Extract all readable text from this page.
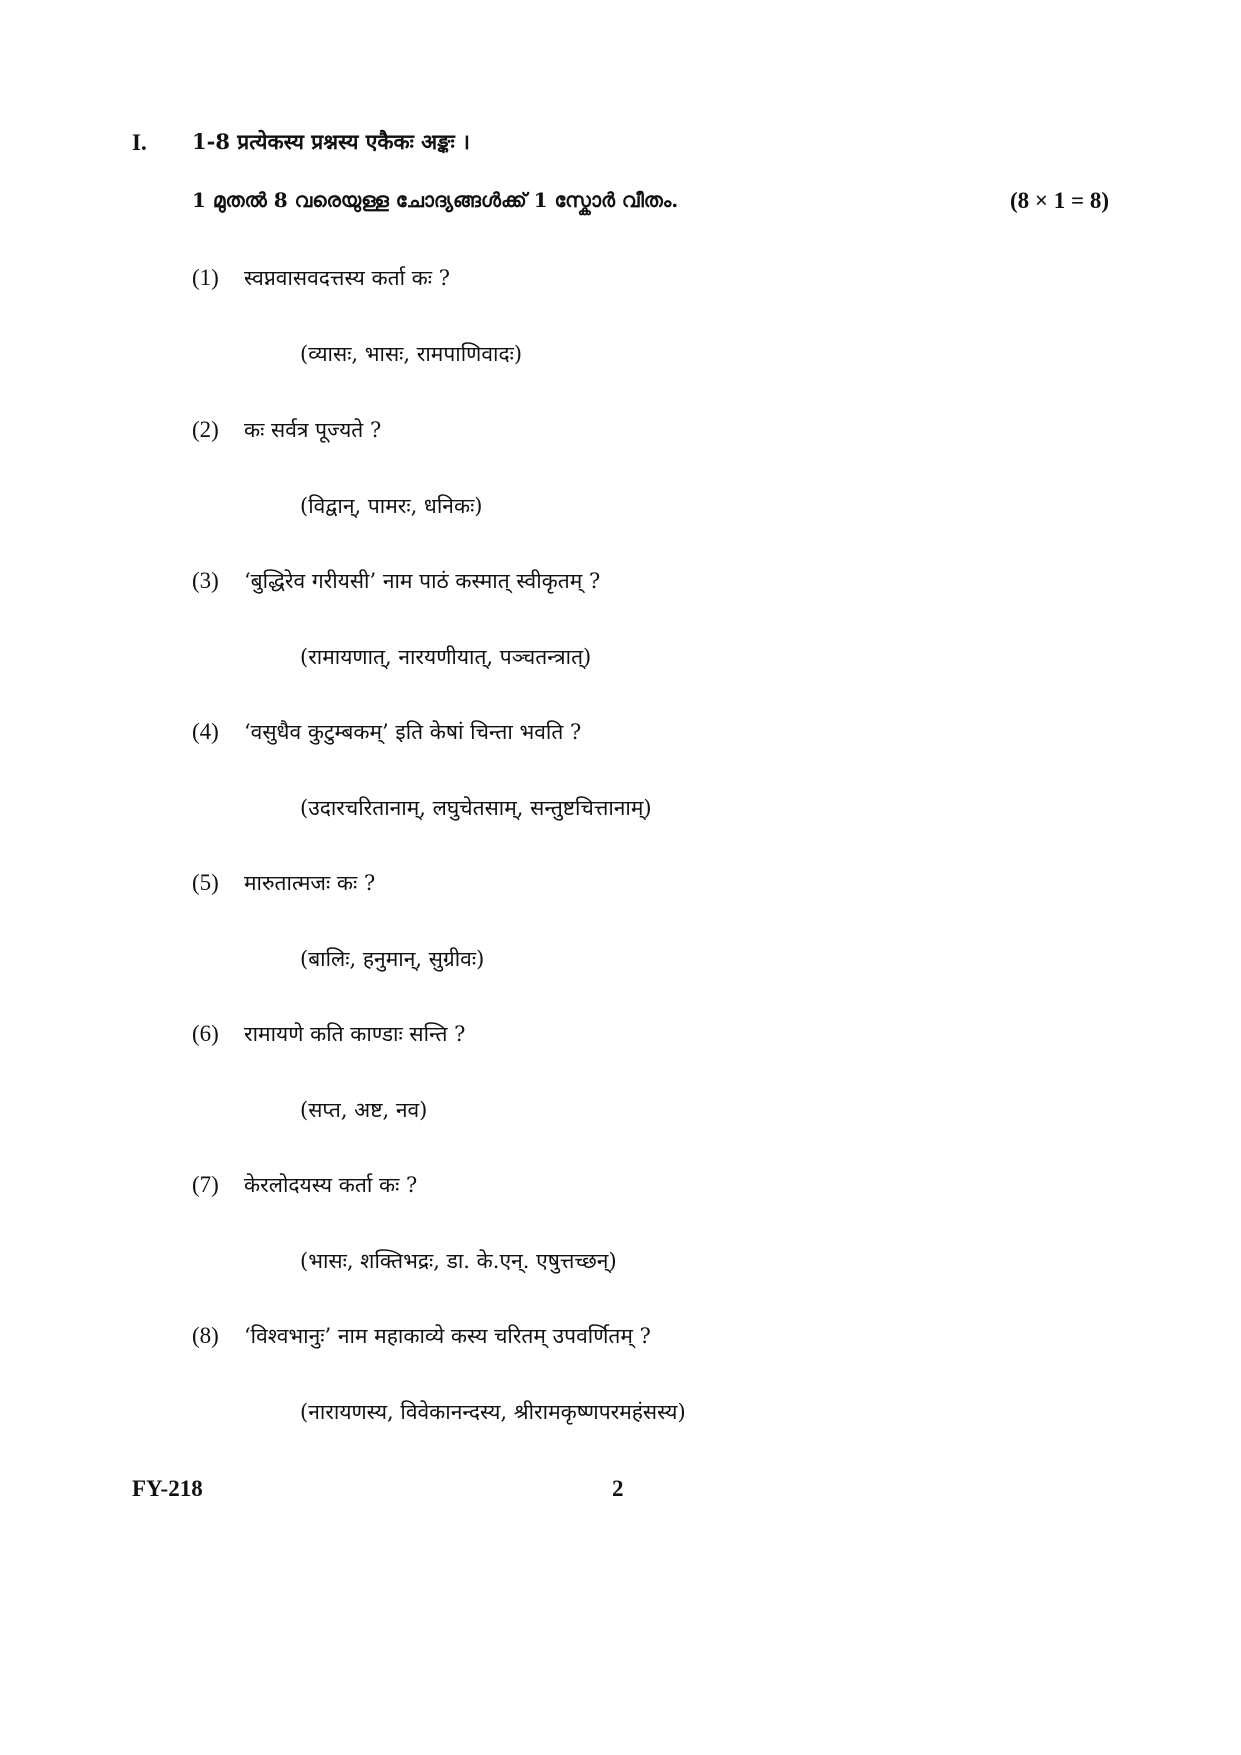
I. 1-8 प्रत्येकस्य प्रश्नस्य एकैकः अङ्कः ।
1 മുതൽ 8 വരെയുള്ള ചോദ്യങ്ങൾക്ക് 1 സ്കോർ വീതം.	(8 × 1 = 8)
(1) स्वप्नवासवदत्तस्य कर्ता कः ?
(व्यासः, भासः, रामपाणिवादः)
(2) कः सर्वत्र पूज्यते ?
(विद्वान्, पामरः, धनिकः)
(3) ‘बुद्धिरेव गरीयसी’ नाम पाठं कस्मात् स्वीकृतम् ?
(रामायणात्, नारयणीयात्, पञ्चतन्त्रात्)
(4) ‘वसुधैव कुटुम्बकम्’ इति केषां चिन्ता भवति ?
(उदारचरितानाम्, लघुचेतसाम्, सन्तुष्टचित्तानाम्)
(5) मारुतात्मजः कः ?
(बालिः, हनुमान्, सुग्रीवः)
(6) रामायणे कति काण्डाः सन्ति ?
(सप्त, अष्ट, नव)
(7) केरलोदयस्य कर्ता कः ?
(भासः, शक्तिभद्रः, डा. के.एन्. एषुत्तच्छन्)
(8) ‘विश्वभानुः’ नाम महाकाव्ये कस्य चरितम् उपवर्णितम् ?
(नारायणस्य, विवेकानन्दस्य, श्रीरामकृष्णपरमहंसस्य)
FY-218	2
